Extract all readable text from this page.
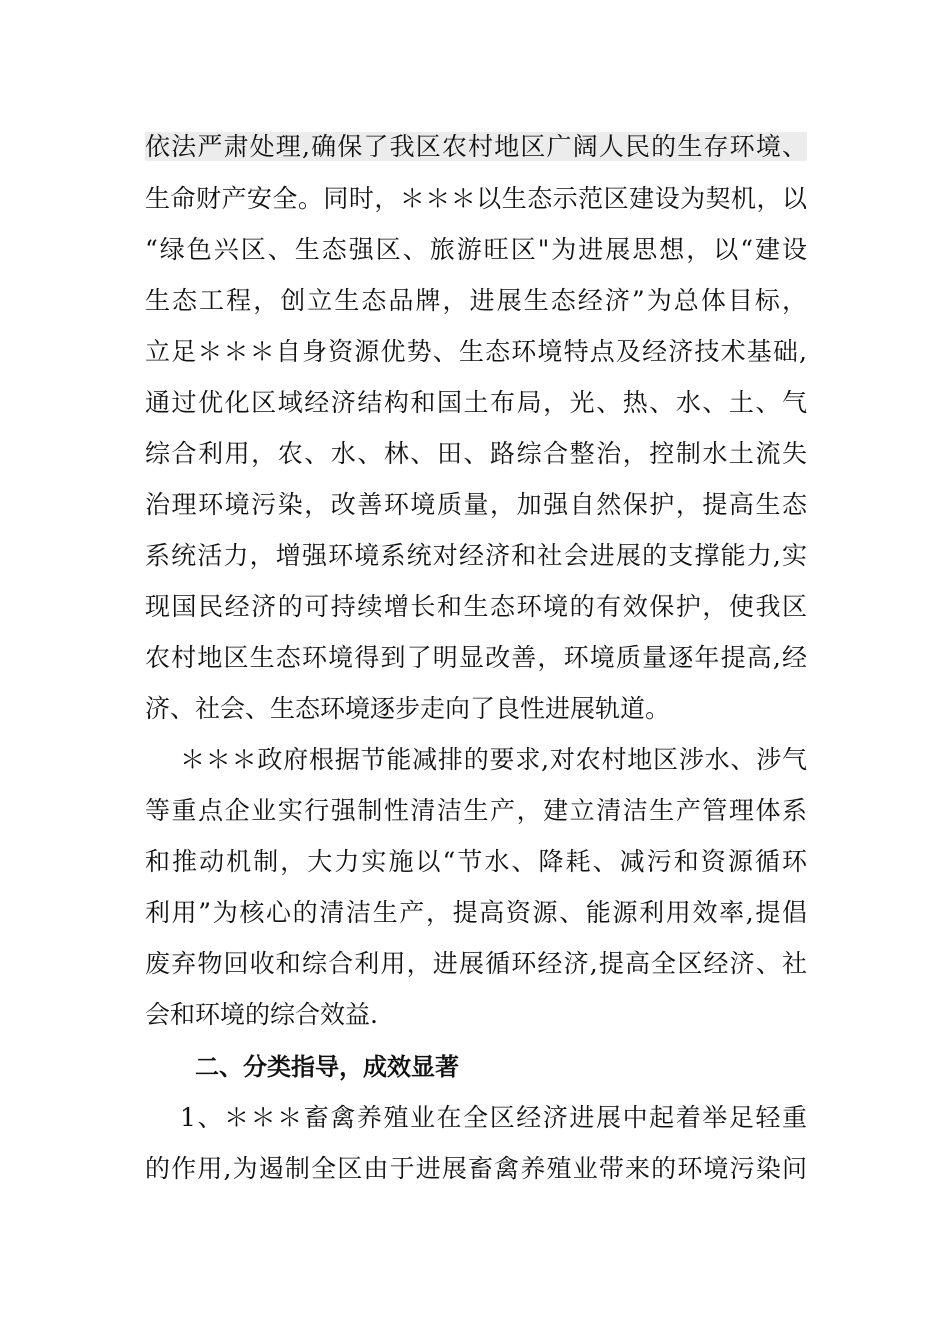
依法严肃处理,确保了我区农村地区广阔人民的生存环境、
生命财产安全。同时，＊＊＊以生态示范区建设为契机，以
“绿色兴区、生态强区、旅游旺区"为进展思想，以“建设
生态工程，创立生态品牌，进展生态经济”为总体目标，
立足＊＊＊自身资源优势、生态环境特点及经济技术基础,
通过优化区域经济结构和国土布局，光、热、水、土、气
综合利用，农、水、林、田、路综合整治，控制水土流失
治理环境污染，改善环境质量，加强自然保护，提高生态
系统活力，增强环境系统对经济和社会进展的支撑能力,实
现国民经济的可持续增长和生态环境的有效保护，使我区
农村地区生态环境得到了明显改善，环境质量逐年提高,经
济、社会、生态环境逐步走向了良性进展轨道。
＊＊＊政府根据节能减排的要求,对农村地区涉水、涉气
等重点企业实行强制性清洁生产，建立清洁生产管理体系
和推动机制，大力实施以“节水、降耗、减污和资源循环
利用”为核心的清洁生产，提高资源、能源利用效率,提倡
废弃物回收和综合利用，进展循环经济,提高全区经济、社
会和环境的综合效益.
二、分类指导，成效显著
1、＊＊＊畜禽养殖业在全区经济进展中起着举足轻重
的作用,为遏制全区由于进展畜禽养殖业带来的环境污染问
